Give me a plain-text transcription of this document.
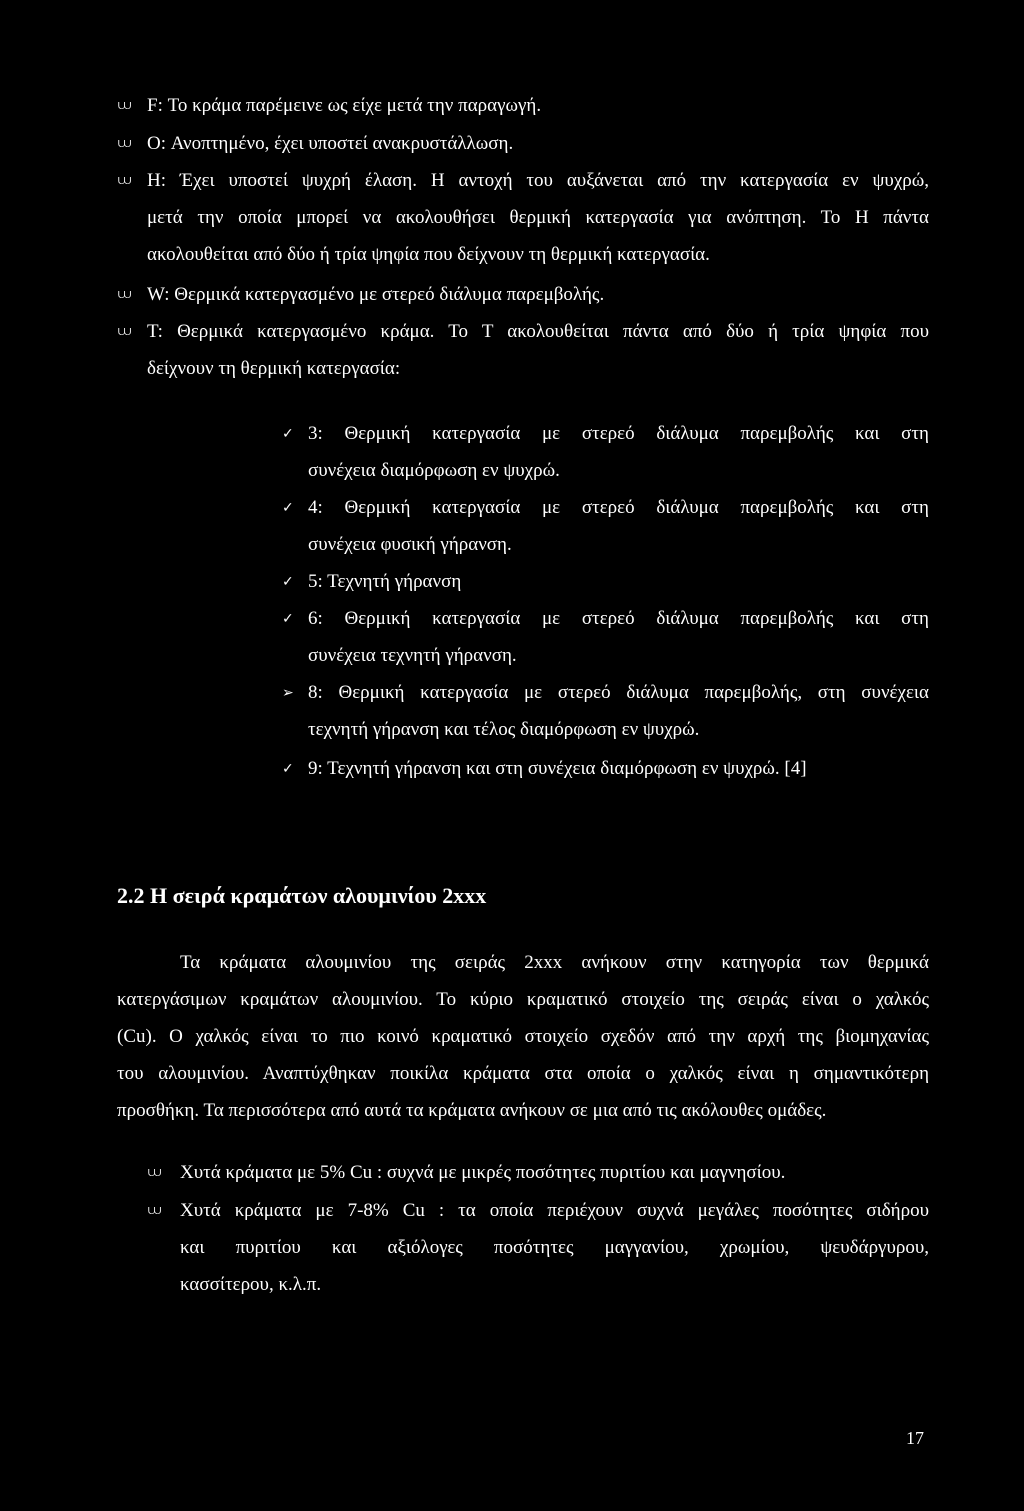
⩊ F: Το κράμα παρέμεινε ως είχε μετά την παραγωγή.
⩊ O: Ανοπτημένο, έχει υποστεί ανακρυστάλλωση.
⩊ H: Έχει υποστεί ψυχρή έλαση. Η αντοχή του αυξάνεται από την κατεργασία εν ψυχρώ,
μετά την οποία μπορεί να ακολουθήσει θερμική κατεργασία για ανόπτηση. Το Η πάντα
ακολουθείται από δύο ή τρία ψηφία που δείχνουν τη θερμική κατεργασία.
⩊ W: Θερμικά κατεργασμένο με στερεό διάλυμα παρεμβολής.
⩊ T: Θερμικά κατεργασμένο κράμα. Το Τ ακολουθείται πάντα από δύο ή τρία ψηφία που
δείχνουν τη θερμική κατεργασία:
✓ 3: Θερμική κατεργασία με στερεό διάλυμα παρεμβολής και στη
συνέχεια διαμόρφωση εν ψυχρώ.
✓ 4: Θερμική κατεργασία με στερεό διάλυμα παρεμβολής και στη
συνέχεια φυσική γήρανση.
✓ 5: Τεχνητή γήρανση
✓ 6: Θερμική κατεργασία με στερεό διάλυμα παρεμβολής και στη
συνέχεια τεχνητή γήρανση.
➢ 8: Θερμική κατεργασία με στερεό διάλυμα παρεμβολής, στη συνέχεια
τεχνητή γήρανση και τέλος διαμόρφωση εν ψυχρώ.
✓ 9: Τεχνητή γήρανση και στη συνέχεια διαμόρφωση εν ψυχρώ. [4]
2.2 Η σειρά κραμάτων αλουμινίου 2xxx
Τα κράματα αλουμινίου της σειράς 2xxx ανήκουν στην κατηγορία των θερμικά
κατεργάσιμων κραμάτων αλουμινίου. Το κύριο κραματικό στοιχείο της σειράς είναι ο χαλκός
(Cu). Ο χαλκός είναι το πιο κοινό κραματικό στοιχείο σχεδόν από την αρχή της βιομηχανίας
του αλουμινίου. Αναπτύχθηκαν ποικίλα κράματα στα οποία ο χαλκός είναι η σημαντικότερη
προσθήκη. Τα περισσότερα από αυτά τα κράματα ανήκουν σε μια από τις ακόλουθες ομάδες.
⩊ Χυτά κράματα με 5% Cu : συχνά με μικρές ποσότητες πυριτίου και μαγνησίου.
⩊ Χυτά κράματα με 7-8% Cu : τα οποία περιέχουν συχνά μεγάλες ποσότητες σιδήρου
και πυριτίου και αξιόλογες ποσότητες μαγγανίου, χρωμίου, ψευδάργυρου,
κασσίτερου, κ.λ.π.
17
